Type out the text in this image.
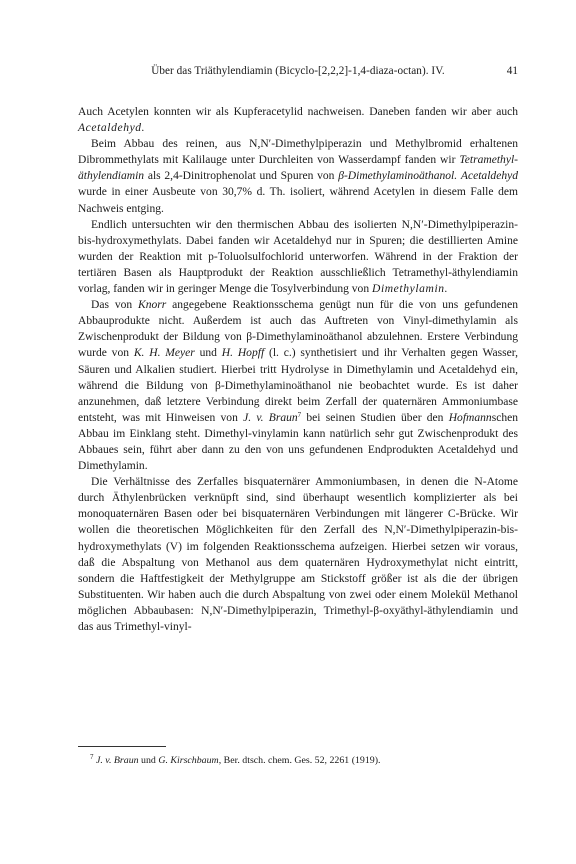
Über das Triäthylendiamin (Bicyclo-[2,2,2]-1,4-diaza-octan). IV.	41

Auch Acetylen konnten wir als Kupferacetylid nachweisen. Daneben fanden wir aber auch Acetaldehyd.

Beim Abbau des reinen, aus N,N′-Dimethylpiperazin und Methylbromid erhaltenen Dibrommethylats mit Kalilauge unter Durchleiten von Wasserdampf fanden wir Tetramethyl-äthylendiamin als 2,4-Dinitrophenolat und Spuren von β-Dimethylaminoäthanol. Acetaldehyd wurde in einer Ausbeute von 30,7% d. Th. isoliert, während Acetylen in diesem Falle dem Nachweis entging.

Endlich untersuchten wir den thermischen Abbau des isolierten N,N′-Dimethylpiperazin-bis-hydroxymethylats. Dabei fanden wir Acetaldehyd nur in Spuren; die destillierten Amine wurden der Reaktion mit p-Toluolsulfochlorid unterworfen. Während in der Fraktion der tertiären Basen als Hauptprodukt der Reaktion ausschließlich Tetramethyl-äthylendiamin vorlag, fanden wir in geringer Menge die Tosylverbindung von Dimethylamin.

Das von Knorr angegebene Reaktionsschema genügt nun für die von uns gefundenen Abbauprodukte nicht. Außerdem ist auch das Auftreten von Vinyl-dimethylamin als Zwischenprodukt der Bildung von β-Dimethylaminoäthanol abzulehnen. Erstere Verbindung wurde von K. H. Meyer und H. Hopff (l. c.) synthetisiert und ihr Verhalten gegen Wasser, Säuren und Alkalien studiert. Hierbei tritt Hydrolyse in Dimethylamin und Acetaldehyd ein, während die Bildung von β-Dimethylaminoäthanol nie beobachtet wurde. Es ist daher anzunehmen, daß letztere Verbindung direkt beim Zerfall der quaternären Ammoniumbase entsteht, was mit Hinweisen von J. v. Braun$^7$ bei seinen Studien über den Hofmannschen Abbau im Einklang steht. Dimethyl-vinylamin kann natürlich sehr gut Zwischenprodukt des Abbaues sein, führt aber dann zu den von uns gefundenen Endprodukten Acetaldehyd und Dimethylamin.

Die Verhältnisse des Zerfalles bisquaternärer Ammoniumbasen, in denen die N-Atome durch Äthylenbrücken verknüpft sind, sind überhaupt wesentlich komplizierter als bei monoquaternären Basen oder bei bisquaternären Verbindungen mit längerer C-Brücke. Wir wollen die theoretischen Möglichkeiten für den Zerfall des N,N′-Dimethylpiperazin-bis-hydroxymethylats (V) im folgenden Reaktionsschema aufzeigen. Hierbei setzen wir voraus, daß die Abspaltung von Methanol aus dem quaternären Hydroxymethylat nicht eintritt, sondern die Haftfestigkeit der Methylgruppe am Stickstoff größer ist als die der übrigen Substituenten. Wir haben auch die durch Abspaltung von zwei oder einem Molekül Methanol möglichen Abbaubasen: N,N′-Dimethylpiperazin, Trimethyl-β-oxyäthyl-äthylendiamin und das aus Trimethyl-vinyl-

$^7$ J. v. Braun und G. Kirschbaum, Ber. dtsch. chem. Ges. 52, 2261 (1919).
